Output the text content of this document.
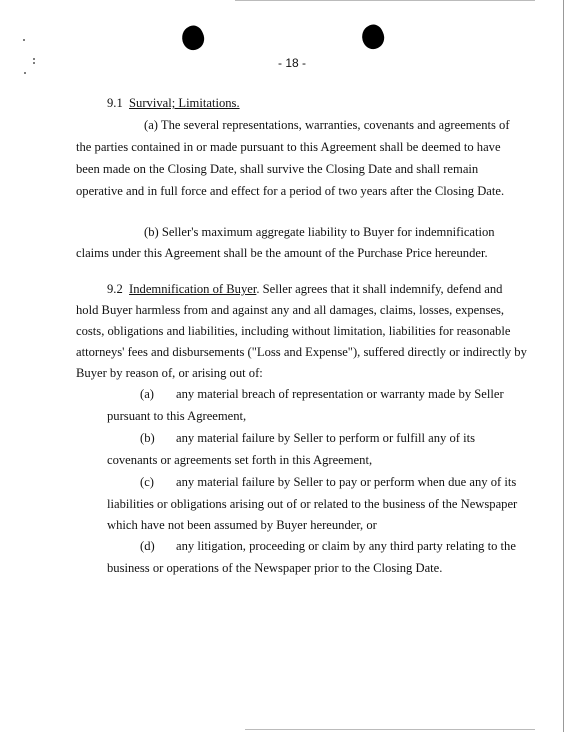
- 18 -
9.1 Survival; Limitations.
(a) The several representations, warranties, covenants and agreements of
the parties contained in or made pursuant to this Agreement shall be deemed to have
been made on the Closing Date, shall survive the Closing Date and shall remain
operative and in full force and effect for a period of two years after the Closing Date.
(b) Seller's maximum aggregate liability to Buyer for indemnification
claims under this Agreement shall be the amount of the Purchase Price hereunder.
9.2 Indemnification of Buyer. Seller agrees that it shall indemnify, defend and
hold Buyer harmless from and against any and all damages, claims, losses, expenses,
costs, obligations and liabilities, including without limitation, liabilities for reasonable
attorneys' fees and disbursements ("Loss and Expense"), suffered directly or indirectly by
Buyer by reason of, or arising out of:
(a) any material breach of representation or warranty made by Seller
pursuant to this Agreement,
(b) any material failure by Seller to perform or fulfill any of its
covenants or agreements set forth in this Agreement,
(c) any material failure by Seller to pay or perform when due any of its
liabilities or obligations arising out of or related to the business of the Newspaper
which have not been assumed by Buyer hereunder, or
(d) any litigation, proceeding or claim by any third party relating to the
business or operations of the Newspaper prior to the Closing Date.
